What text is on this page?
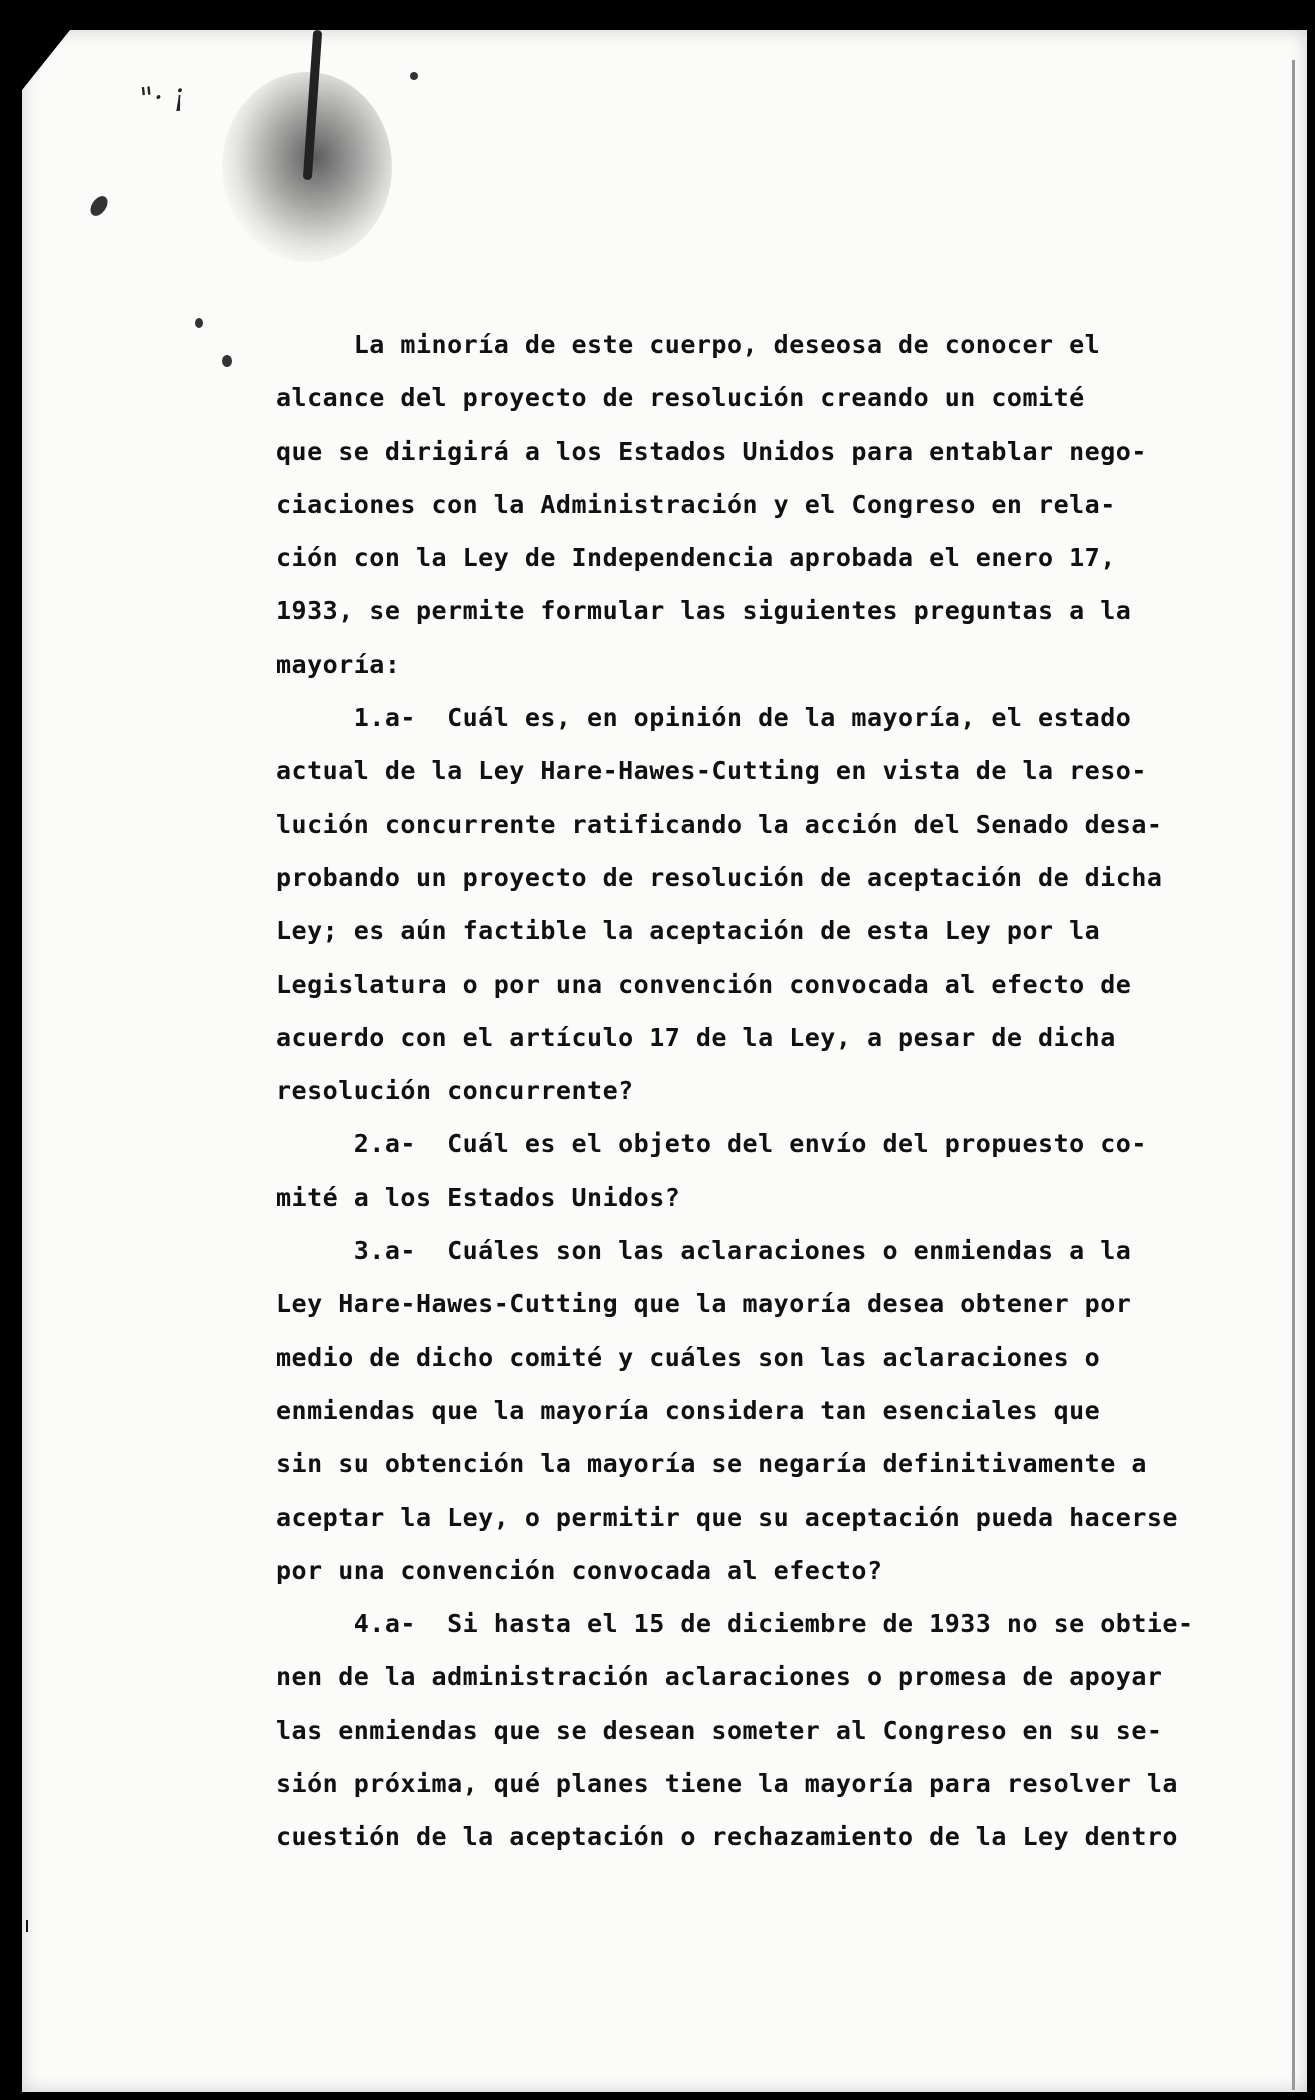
"· ¡
La minoría de este cuerpo, deseosa de conocer el
alcance del proyecto de resolución creando un comité
que se dirigirá a los Estados Unidos para entablar nego-
ciaciones con la Administración y el Congreso en rela-
ción con la Ley de Independencia aprobada el enero 17,
1933, se permite formular las siguientes preguntas a la
mayoría:
1.a-  Cuál es, en opinión de la mayoría, el estado
actual de la Ley Hare-Hawes-Cutting en vista de la reso-
lución concurrente ratificando la acción del Senado desa-
probando un proyecto de resolución de aceptación de dicha
Ley; es aún factible la aceptación de esta Ley por la
Legislatura o por una convención convocada al efecto de
acuerdo con el artículo 17 de la Ley, a pesar de dicha
resolución concurrente?
2.a-  Cuál es el objeto del envío del propuesto co-
mité a los Estados Unidos?
3.a-  Cuáles son las aclaraciones o enmiendas a la
Ley Hare-Hawes-Cutting que la mayoría desea obtener por
medio de dicho comité y cuáles son las aclaraciones o
enmiendas que la mayoría considera tan esenciales que
sin su obtención la mayoría se negaría definitivamente a
aceptar la Ley, o permitir que su aceptación pueda hacerse
por una convención convocada al efecto?
4.a-  Si hasta el 15 de diciembre de 1933 no se obtie-
nen de la administración aclaraciones o promesa de apoyar
las enmiendas que se desean someter al Congreso en su se-
sión próxima, qué planes tiene la mayoría para resolver la
cuestión de la aceptación o rechazamiento de la Ley dentro
